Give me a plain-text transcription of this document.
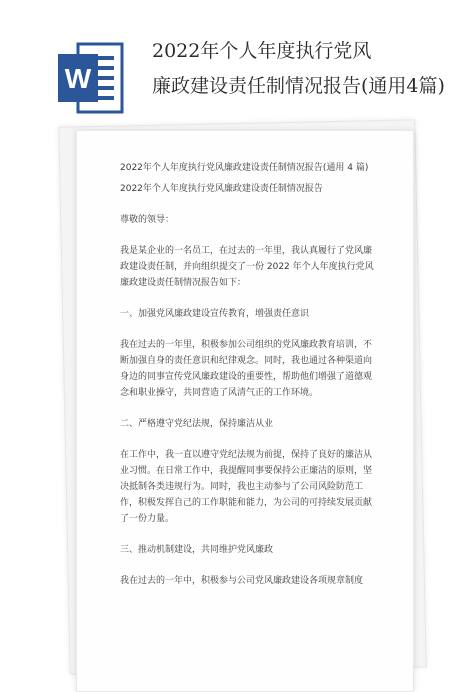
W
2022年个人年度执行党风
廉政建设责任制情况报告(通用4篇)

2022年个人年度执行党风廉政建设责任制情况报告(通用 4 篇)

2022年个人年度执行党风廉政建设责任制情况报告

尊敬的领导：

我是某企业的一名员工，在过去的一年里，我认真履行了党风廉政建设责任制，并向组织提交了一份 2022 年个人年度执行党风廉政建设责任制情况报告如下：

一、加强党风廉政建设宣传教育，增强责任意识

我在过去的一年里，积极参加公司组织的党风廉政教育培训，不断加强自身的责任意识和纪律观念。同时，我也通过各种渠道向身边的同事宣传党风廉政建设的重要性，帮助他们增强了道德观念和职业操守，共同营造了风清气正的工作环境。

二、严格遵守党纪法规，保持廉洁从业

在工作中，我一直以遵守党纪法规为前提，保持了良好的廉洁从业习惯。在日常工作中，我提醒同事要保持公正廉洁的原则，坚决抵制各类违规行为。同时，我也主动参与了公司风险防范工作，积极发挥自己的工作职能和能力，为公司的可持续发展贡献了一份力量。

三、推动机制建设，共同维护党风廉政

我在过去的一年中，积极参与公司党风廉政建设各项规章制度
